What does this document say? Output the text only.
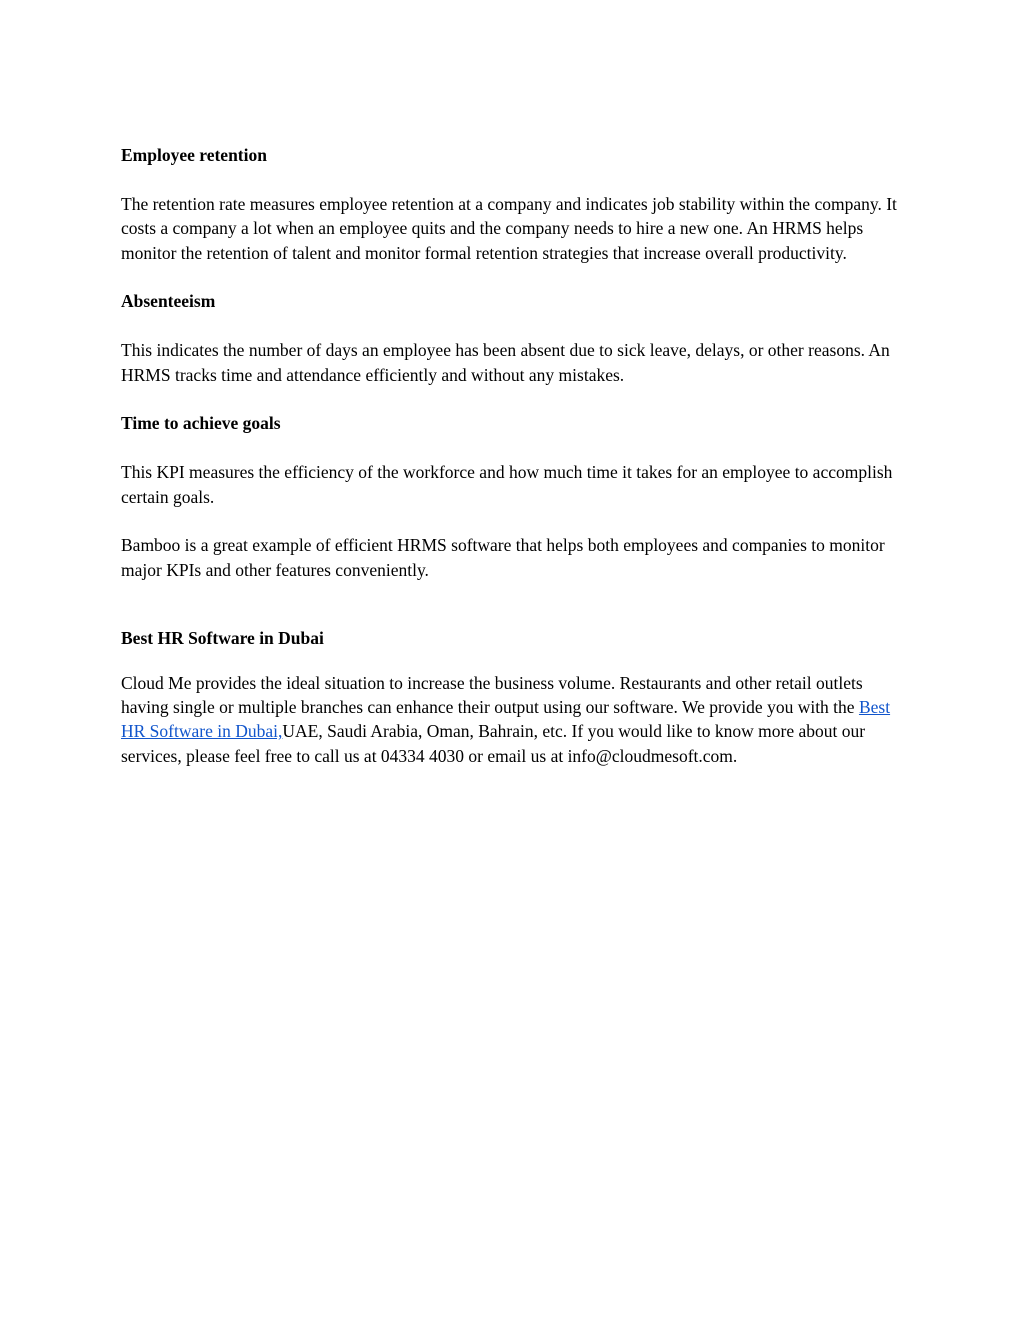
Employee retention

The retention rate measures employee retention at a company and indicates job stability within the company. It costs a company a lot when an employee quits and the company needs to hire a new one. An HRMS helps monitor the retention of talent and monitor formal retention strategies that increase overall productivity.

Absenteeism

This indicates the number of days an employee has been absent due to sick leave, delays, or other reasons. An HRMS tracks time and attendance efficiently and without any mistakes.

Time to achieve goals

This KPI measures the efficiency of the workforce and how much time it takes for an employee to accomplish certain goals.

Bamboo is a great example of efficient HRMS software that helps both employees and companies to monitor major KPIs and other features conveniently.

Best HR Software in Dubai

Cloud Me provides the ideal situation to increase the business volume. Restaurants and other retail outlets having single or multiple branches can enhance their output using our software. We provide you with the Best HR Software in Dubai,UAE, Saudi Arabia, Oman, Bahrain, etc. If you would like to know more about our services, please feel free to call us at 04334 4030 or email us at info@cloudmesoft.com.
